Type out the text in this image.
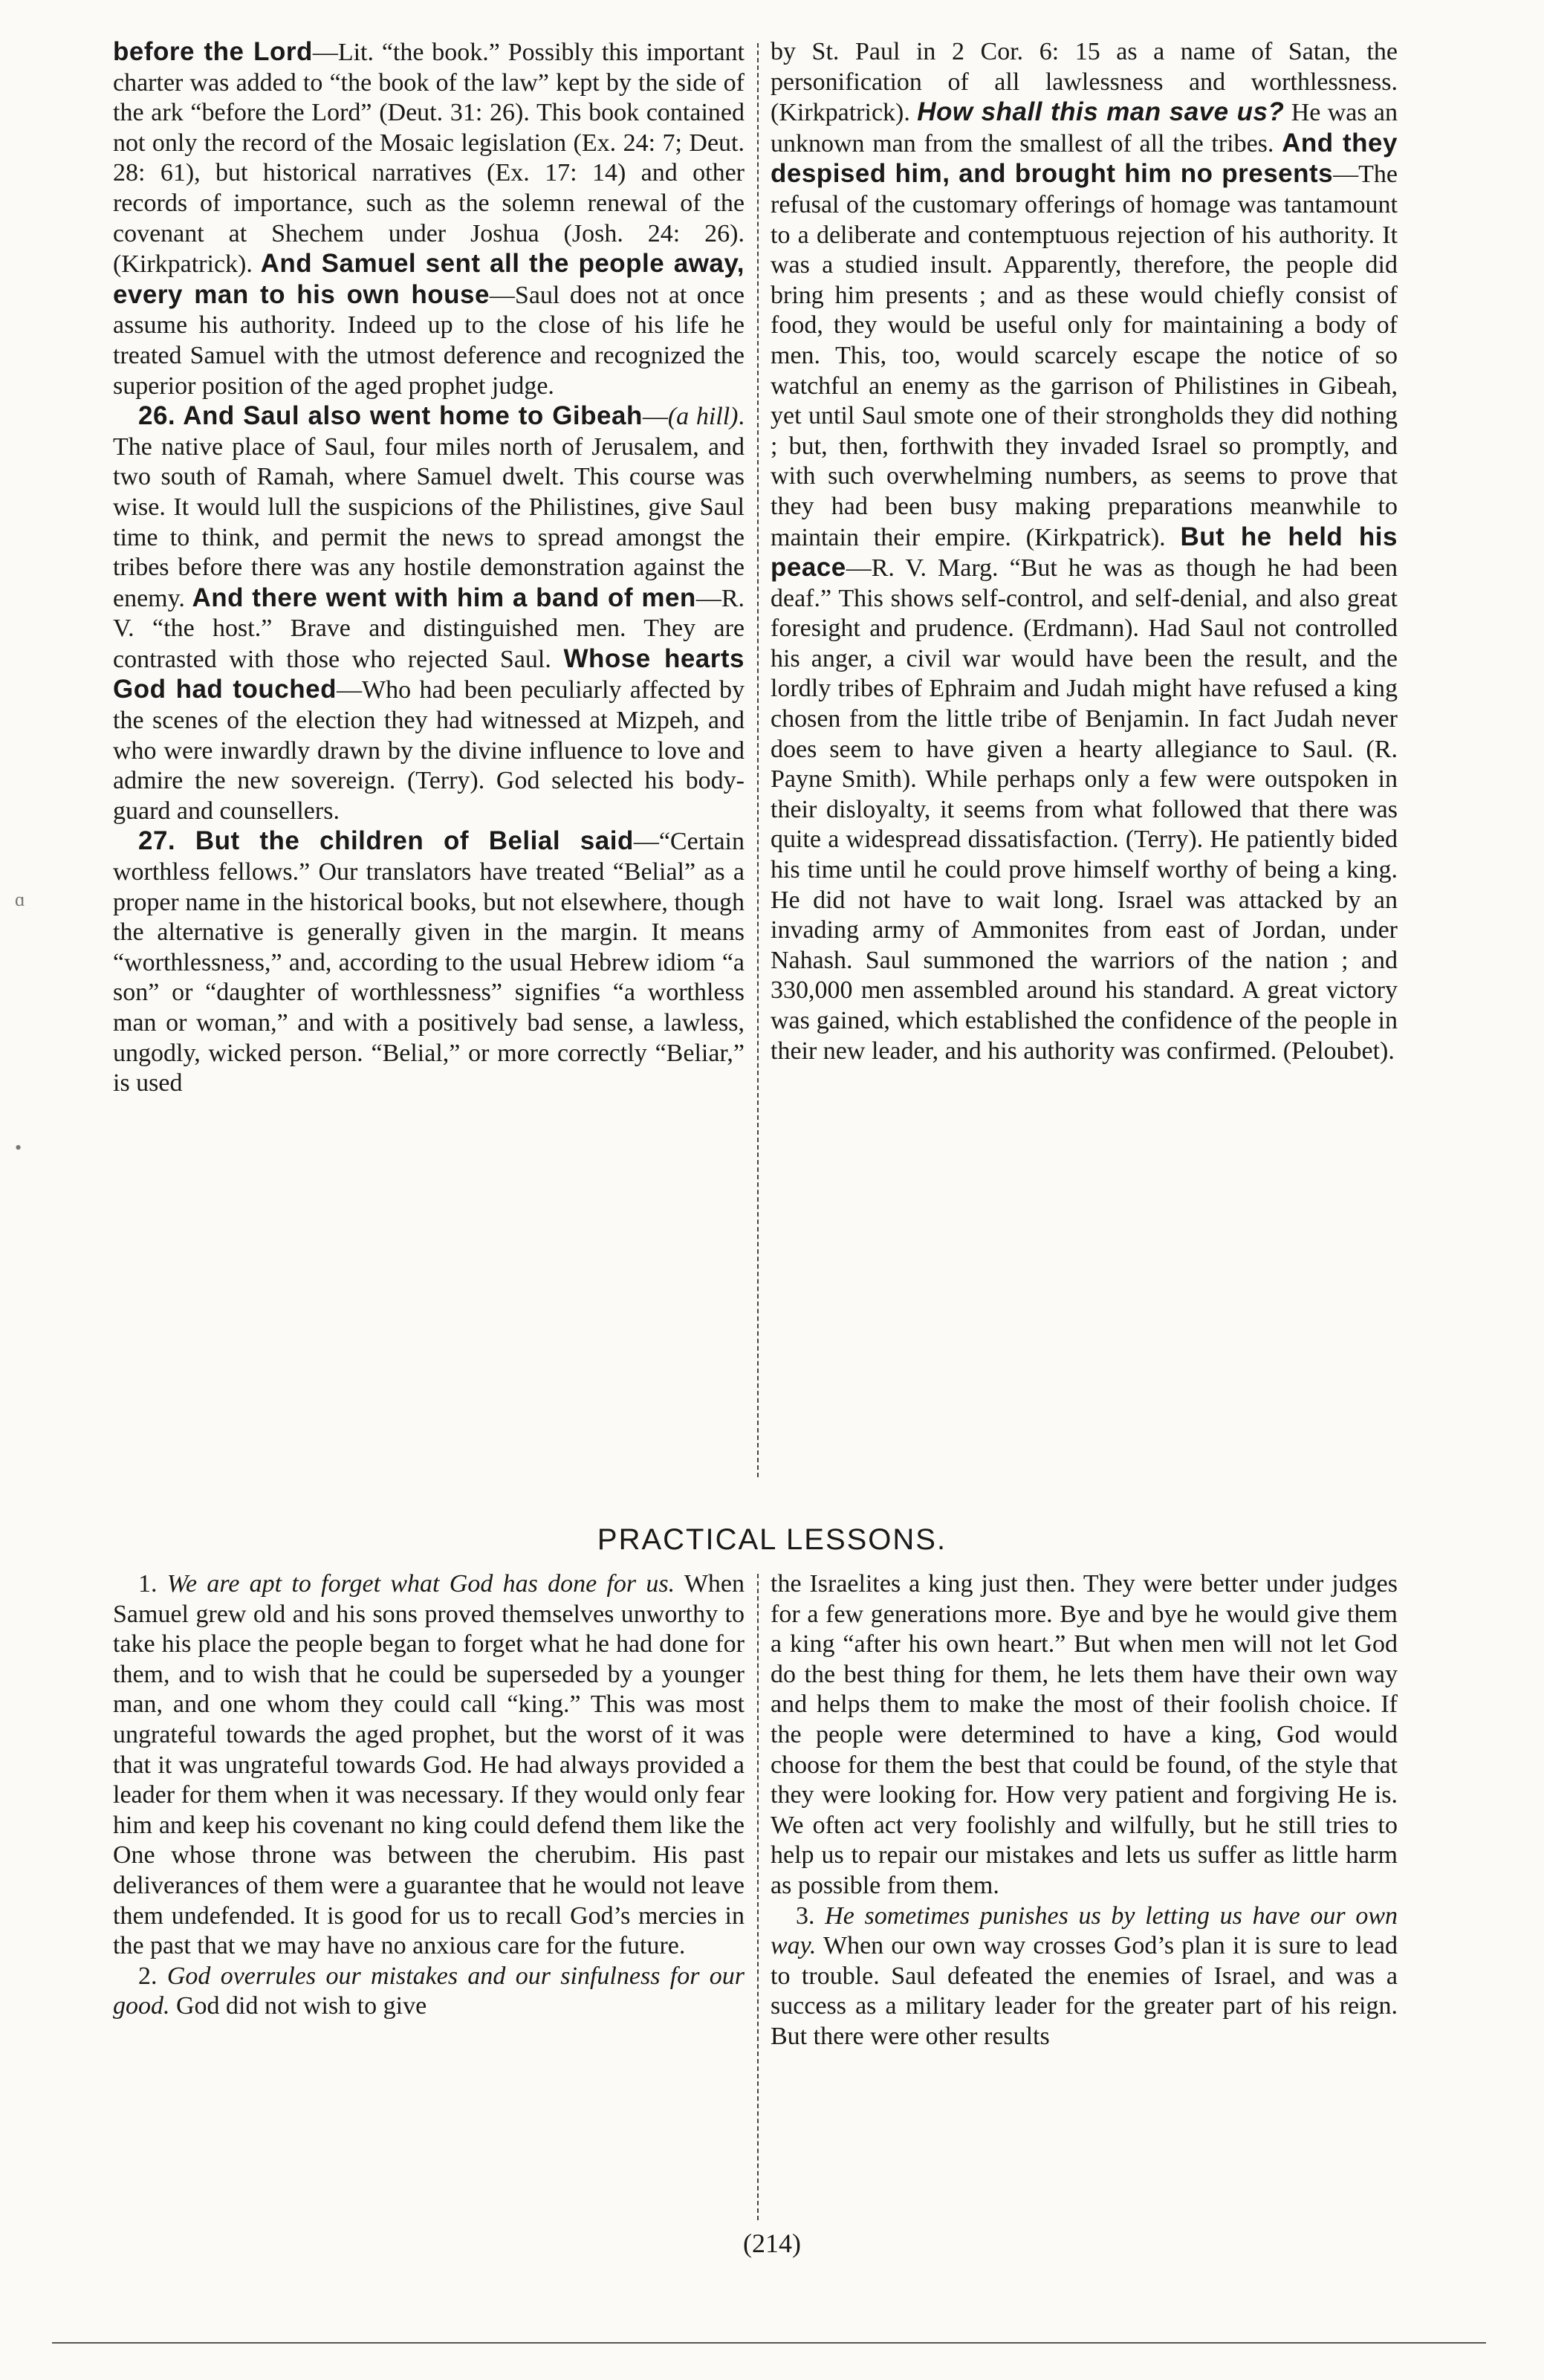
before the Lord—Lit. “the book.” Possibly this important charter was added to “the book of the law” kept by the side of the ark “before the Lord” (Deut. 31: 26). This book contained not only the record of the Mosaic legislation (Ex. 24: 7; Deut. 28: 61), but historical narratives (Ex. 17: 14) and other records of importance, such as the solemn renewal of the covenant at Shechem under Joshua (Josh. 24: 26). (Kirkpatrick). And Samuel sent all the people away, every man to his own house—Saul does not at once assume his authority. Indeed up to the close of his life he treated Samuel with the utmost deference and recognized the superior position of the aged prophet judge.

26. And Saul also went home to Gibeah—(a hill). The native place of Saul, four miles north of Jerusalem, and two south of Ramah, where Samuel dwelt. This course was wise. It would lull the suspicions of the Philistines, give Saul time to think, and permit the news to spread amongst the tribes before there was any hostile demonstration against the enemy. And there went with him a band of men—R. V. “the host.” Brave and distinguished men. They are contrasted with those who rejected Saul. Whose hearts God had touched—Who had been peculiarly affected by the scenes of the election they had witnessed at Mizpeh, and who were inwardly drawn by the divine influence to love and admire the new sovereign. (Terry). God selected his body-guard and counsellers.

27. But the children of Belial said—“Certain worthless fellows.” Our translators have treated “Belial” as a proper name in the historical books, but not elsewhere, though the alternative is generally given in the margin. It means “worthlessness,” and, according to the usual Hebrew idiom “a son” or “daughter of worthlessness” signifies “a worthless man or woman,” and with a positively bad sense, a lawless, ungodly, wicked person. “Belial,” or more correctly “Beliar,” is used

by St. Paul in 2 Cor. 6: 15 as a name of Satan, the personification of all lawlessness and worthlessness. (Kirkpatrick). How shall this man save us? He was an unknown man from the smallest of all the tribes. And they despised him, and brought him no presents—The refusal of the customary offerings of homage was tantamount to a deliberate and contemptuous rejection of his authority. It was a studied insult. Apparently, therefore, the people did bring him presents ; and as these would chiefly consist of food, they would be useful only for maintaining a body of men. This, too, would scarcely escape the notice of so watchful an enemy as the garrison of Philistines in Gibeah, yet until Saul smote one of their strongholds they did nothing ; but, then, forthwith they invaded Israel so promptly, and with such overwhelming numbers, as seems to prove that they had been busy making preparations meanwhile to maintain their empire. (Kirkpatrick). But he held his peace—R. V. Marg. “But he was as though he had been deaf.” This shows self-control, and self-denial, and also great foresight and prudence. (Erdmann). Had Saul not controlled his anger, a civil war would have been the result, and the lordly tribes of Ephraim and Judah might have refused a king chosen from the little tribe of Benjamin. In fact Judah never does seem to have given a hearty allegiance to Saul. (R. Payne Smith). While perhaps only a few were outspoken in their disloyalty, it seems from what followed that there was quite a widespread dissatisfaction. (Terry). He patiently bided his time until he could prove himself worthy of being a king. He did not have to wait long. Israel was attacked by an invading army of Ammonites from east of Jordan, under Nahash. Saul summoned the warriors of the nation ; and 330,000 men assembled around his standard. A great victory was gained, which established the confidence of the people in their new leader, and his authority was confirmed. (Peloubet).

PRACTICAL LESSONS.

1. We are apt to forget what God has done for us. When Samuel grew old and his sons proved themselves unworthy to take his place the people began to forget what he had done for them, and to wish that he could be superseded by a younger man, and one whom they could call “king.” This was most ungrateful towards the aged prophet, but the worst of it was that it was ungrateful towards God. He had always provided a leader for them when it was necessary. If they would only fear him and keep his covenant no king could defend them like the One whose throne was between the cherubim. His past deliverances of them were a guarantee that he would not leave them undefended. It is good for us to recall God’s mercies in the past that we may have no anxious care for the future.

2. God overrules our mistakes and our sinfulness for our good. God did not wish to give

the Israelites a king just then. They were better under judges for a few generations more. Bye and bye he would give them a king “after his own heart.” But when men will not let God do the best thing for them, he lets them have their own way and helps them to make the most of their foolish choice. If the people were determined to have a king, God would choose for them the best that could be found, of the style that they were looking for. How very patient and forgiving He is. We often act very foolishly and wilfully, but he still tries to help us to repair our mistakes and lets us suffer as little harm as possible from them.

3. He sometimes punishes us by letting us have our own way. When our own way crosses God’s plan it is sure to lead to trouble. Saul defeated the enemies of Israel, and was a success as a military leader for the greater part of his reign. But there were other results

(214)
ɑ
•
